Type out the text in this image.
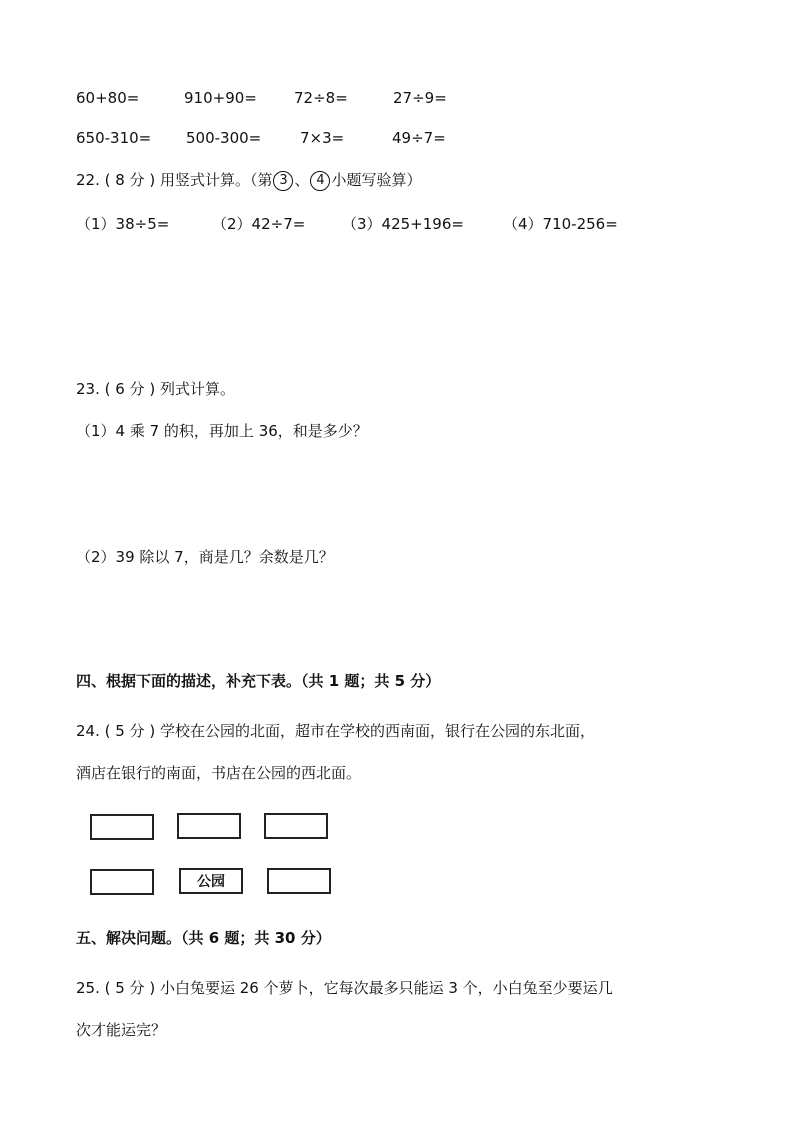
60+80=	910+90= 72÷8=	27÷9=
650-310= 500-300=	7×3=	49÷7=
22. ( 8 分 ) 用竖式计算。（第 3 、 4 小题写验算）
（1）38÷5=	（2）42÷7= （3）425+196=	（4）710-256=
23. ( 6 分 ) 列式计算。
（1）4 乘 7 的积，再加上 36，和是多少？
（2）39 除以 7，商是几？余数是几？
四、根据下面的描述，补充下表。（共 1 题；共 5 分）
24. ( 5 分 ) 学校在公园的北面，超市在学校的西南面，银行在公园的东北面，
酒店在银行的南面，书店在公园的西北面。
公园
五、解决问题。（共 6 题；共 30 分）
25. ( 5 分 ) 小白兔要运 26 个萝卜，它每次最多只能运 3 个，小白兔至少要运几
次才能运完？
